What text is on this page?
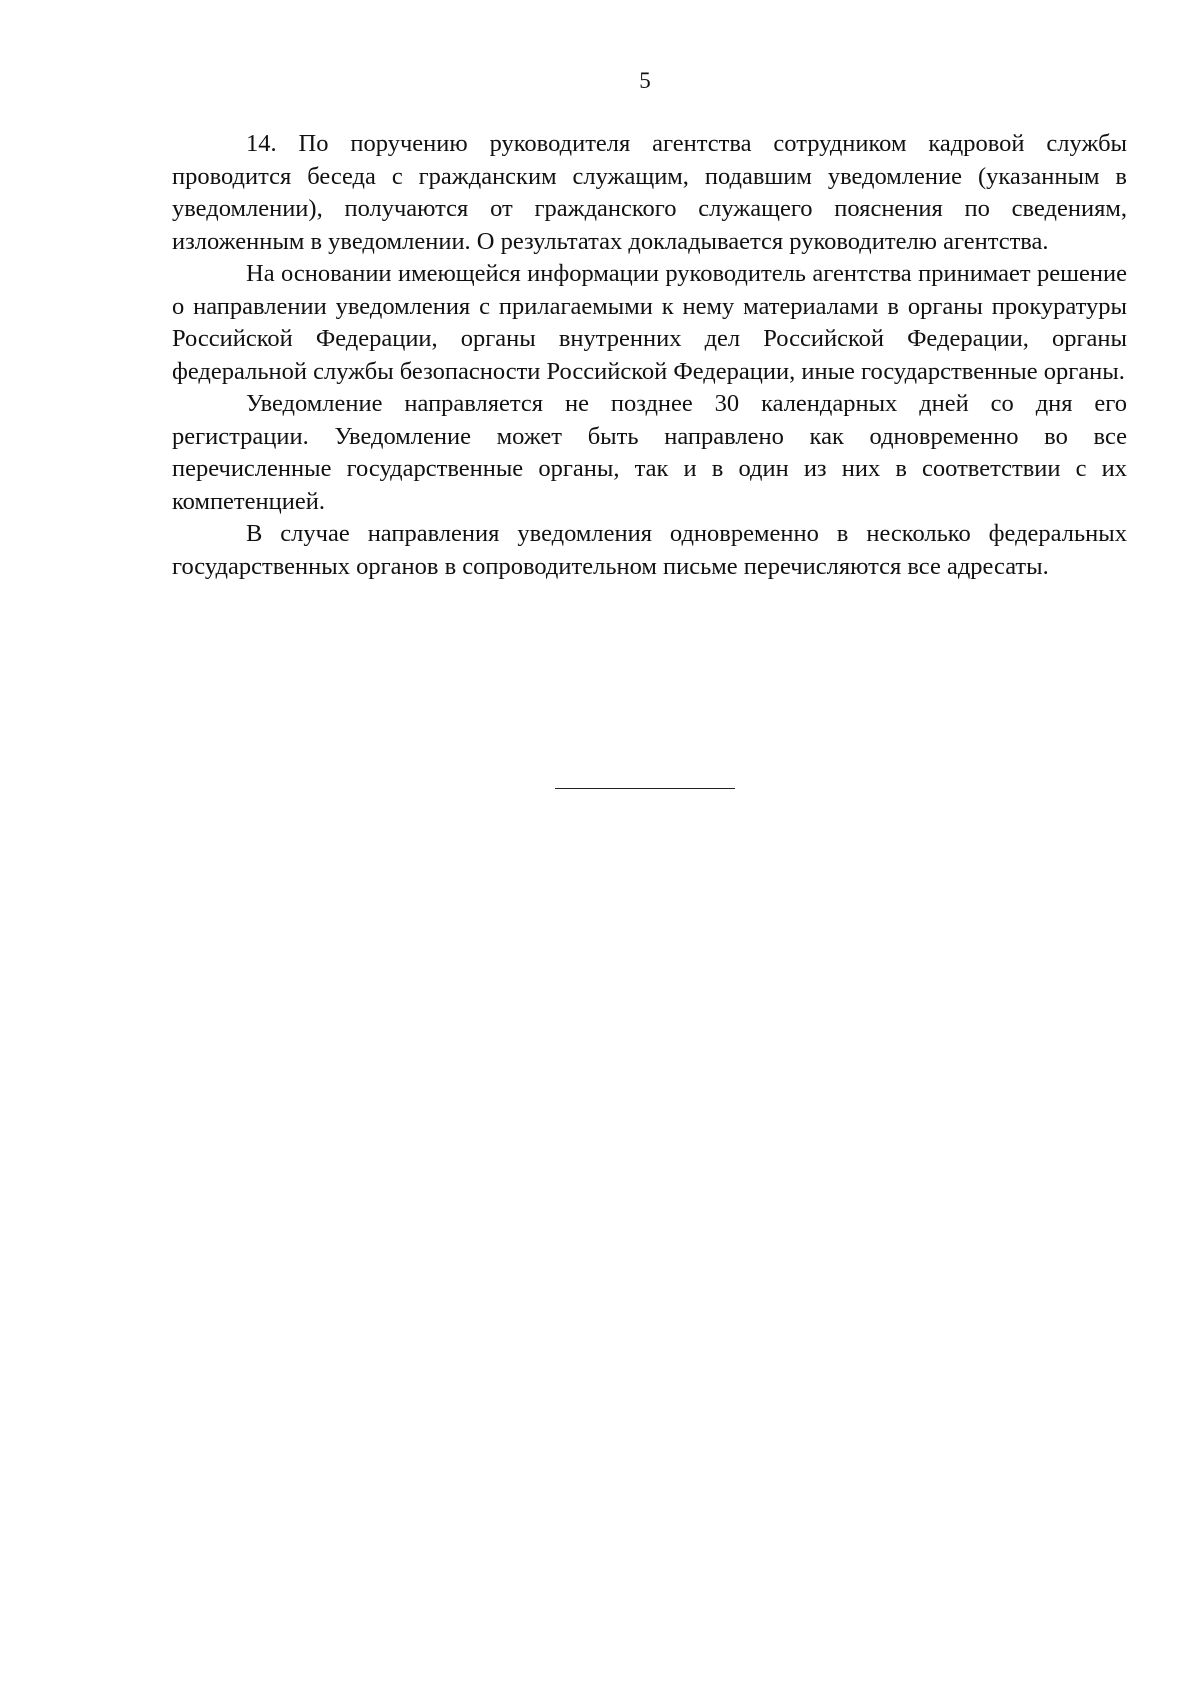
5

14. По поручению руководителя агентства сотрудником кадровой службы проводится беседа с гражданским служащим, подавшим уведомление (указанным в уведомлении), получаются от гражданского служащего пояснения по сведениям, изложенным в уведомлении. О результатах докладывается руководителю агентства.

На основании имеющейся информации руководитель агентства принимает решение о направлении уведомления с прилагаемыми к нему материалами в органы прокуратуры Российской Федерации, органы внутренних дел Российской Федерации, органы федеральной службы безопасности Российской Федерации, иные государственные органы.

Уведомление направляется не позднее 30 календарных дней со дня его регистрации. Уведомление может быть направлено как одновременно во все перечисленные государственные органы, так и в один из них в соответствии с их компетенцией.

В случае направления уведомления одновременно в несколько федеральных государственных органов в сопроводительном письме перечисляются все адресаты.
